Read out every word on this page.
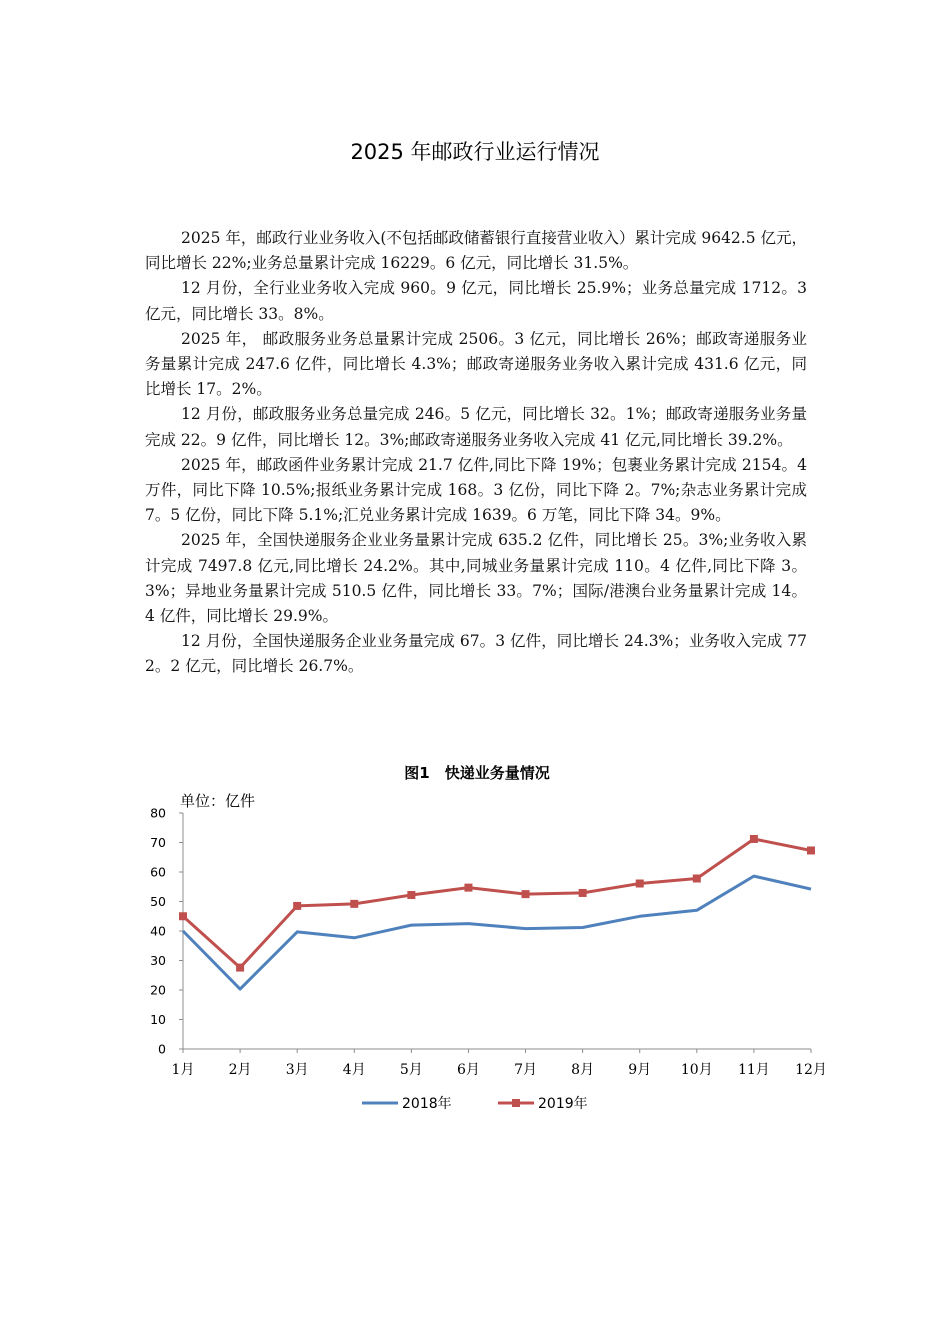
2025 年邮政行业运行情况

2025 年，邮政行业业务收入(不包括邮政储蓄银行直接营业收入）累计完成 9642.5 亿元，同比增长 22%;业务总量累计完成 16229。6 亿元，同比增长 31.5%。

12 月份，全行业业务收入完成 960。9 亿元，同比增长 25.9%；业务总量完成 1712。3 亿元，同比增长 33。8%。

2025 年， 邮政服务业务总量累计完成 2506。3 亿元，同比增长 26%；邮政寄递服务业务量累计完成 247.6 亿件，同比增长 4.3%；邮政寄递服务业务收入累计完成 431.6 亿元，同比增长 17。2%。

12 月份，邮政服务业务总量完成 246。5 亿元，同比增长 32。1%；邮政寄递服务业务量完成 22。9 亿件，同比增长 12。3%;邮政寄递服务业务收入完成 41 亿元,同比增长 39.2%。

2025 年，邮政函件业务累计完成 21.7 亿件,同比下降 19%；包裹业务累计完成 2154。4 万件，同比下降 10.5%;报纸业务累计完成 168。3 亿份，同比下降 2。7%;杂志业务累计完成 7。5 亿份，同比下降 5.1%;汇兑业务累计完成 1639。6 万笔，同比下降 34。9%。

2025 年，全国快递服务企业业务量累计完成 635.2 亿件，同比增长 25。3%;业务收入累计完成 7497.8 亿元,同比增长 24.2%。其中,同城业务量累计完成 110。4 亿件,同比下降 3。3%；异地业务量累计完成 510.5 亿件，同比增长 33。7%；国际/港澳台业务量累计完成 14。4 亿件，同比增长 29.9%。

12 月份，全国快递服务企业业务量完成 67。3 亿件，同比增长 24.3%；业务收入完成 772。2 亿元，同比增长 26.7%。

图1　快递业务量情况
单位：亿件
0
10
20
30
40
50
60
70
80
1月 2月 3月 4月 5月 6月 7月 8月 9月 10月 11月 12月
2018年	2019年
